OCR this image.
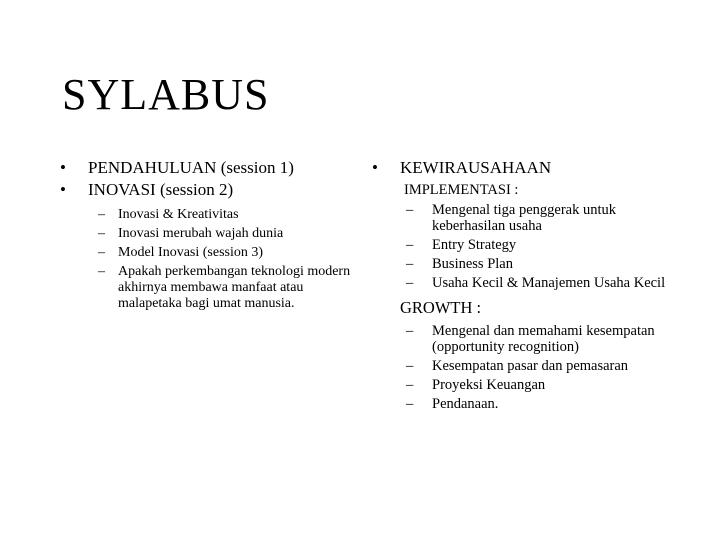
SYLABUS
• PENDAHULUAN (session 1)
• INOVASI (session 2)
– Inovasi & Kreativitas
– Inovasi merubah wajah dunia
– Model Inovasi (session 3)
– Apakah perkembangan teknologi modern akhirnya membawa manfaat atau malapetaka bagi umat manusia.
• KEWIRAUSAHAAN
IMPLEMENTASI :
– Mengenal tiga penggerak untuk keberhasilan usaha
– Entry Strategy
– Business Plan
– Usaha Kecil & Manajemen Usaha Kecil
GROWTH :
– Mengenal dan memahami kesempatan (opportunity recognition)
– Kesempatan pasar dan pemasaran
– Proyeksi Keuangan
– Pendanaan.
